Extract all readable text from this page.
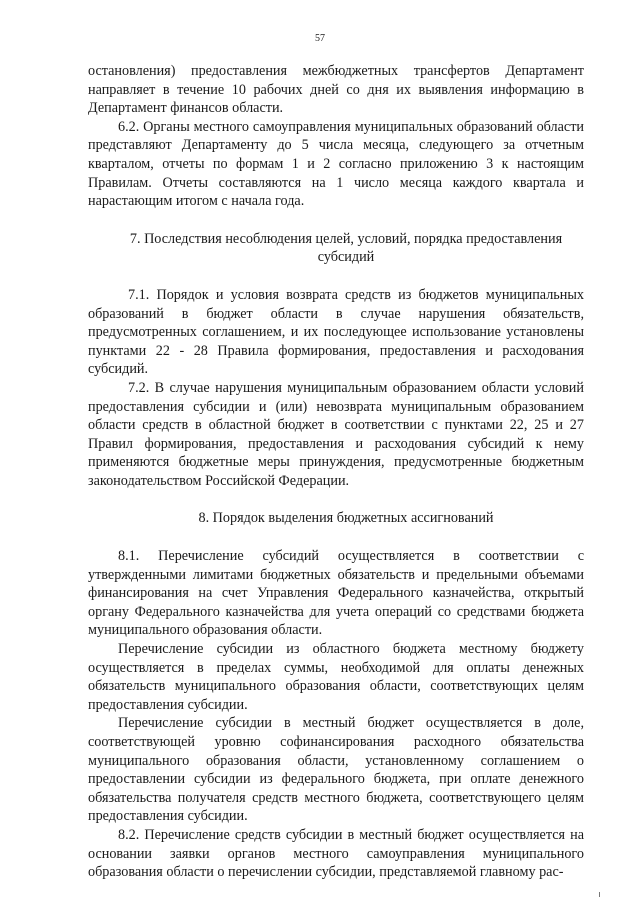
57

остановления) предоставления межбюджетных трансфертов Департамент направляет в течение 10 рабочих дней со дня их выявления информацию в Департамент финансов области.

6.2. Органы местного самоуправления муниципальных образований области представляют Департаменту до 5 числа месяца, следующего за отчетным кварталом, отчеты по формам 1 и 2 согласно приложению 3 к настоящим Правилам. Отчеты составляются на 1 число месяца каждого квартала и нарастающим итогом с начала года.

7. Последствия несоблюдения целей, условий, порядка предоставления субсидий

7.1. Порядок и условия возврата средств из бюджетов муниципальных образований в бюджет области в случае нарушения обязательств, предусмотренных соглашением, и их последующее использование установлены пунктами 22 - 28 Правила формирования, предоставления и расходования субсидий.

7.2. В случае нарушения муниципальным образованием области условий предоставления субсидии и (или) невозврата муниципальным образованием области средств в областной бюджет в соответствии с пунктами 22, 25 и 27 Правил формирования, предоставления и расходования субсидий к нему применяются бюджетные меры принуждения, предусмотренные бюджетным законодательством Российской Федерации.

8. Порядок выделения бюджетных ассигнований

8.1. Перечисление субсидий осуществляется в соответствии с утвержденными лимитами бюджетных обязательств и предельными объемами финансирования на счет Управления Федерального казначейства, открытый органу Федерального казначейства для учета операций со средствами бюджета муниципального образования области.

Перечисление субсидии из областного бюджета местному бюджету осуществляется в пределах суммы, необходимой для оплаты денежных обязательств муниципального образования области, соответствующих целям предоставления субсидии.

Перечисление субсидии в местный бюджет осуществляется в доле, соответствующей уровню софинансирования расходного обязательства муниципального образования области, установленному соглашением о предоставлении субсидии из федерального бюджета, при оплате денежного обязательства получателя средств местного бюджета, соответствующего целям предоставления субсидии.

8.2. Перечисление средств субсидии в местный бюджет осуществляется на основании заявки органов местного самоуправления муниципального образования области о перечислении субсидии, представляемой главному рас-
